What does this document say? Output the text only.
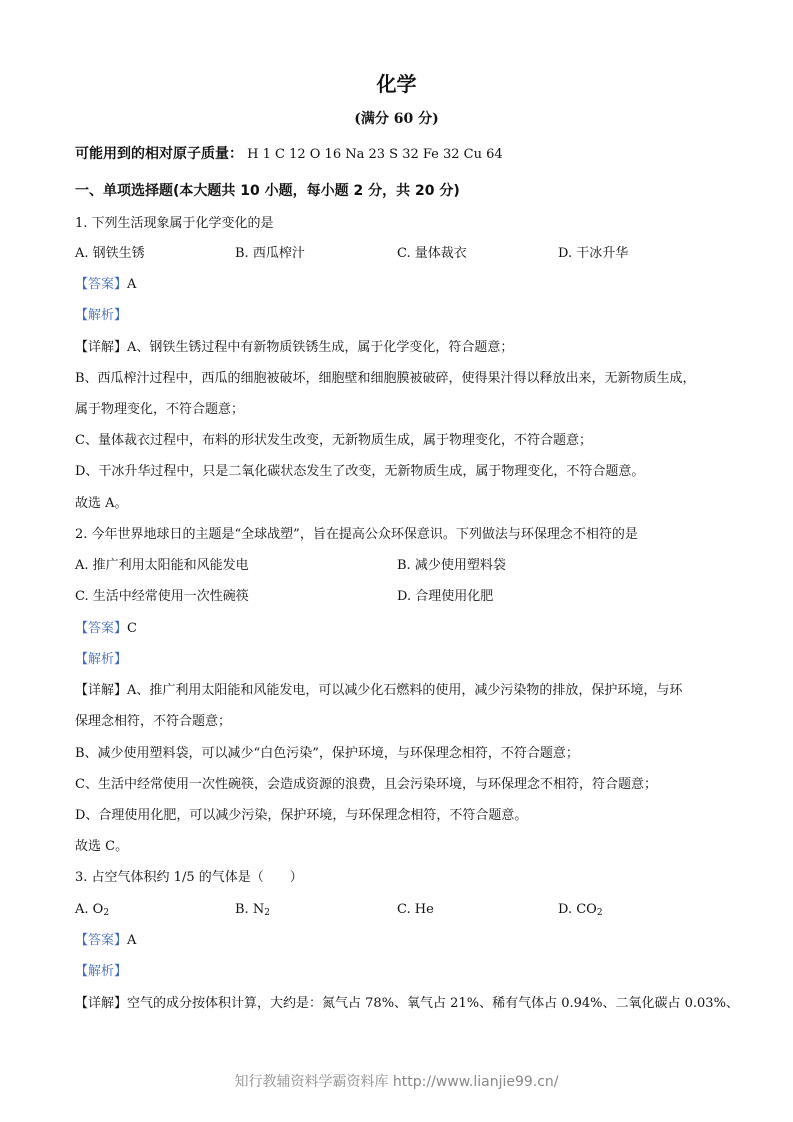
化学
(满分 60 分)
可能用到的相对原子质量： H 1 C 12 O 16 Na 23 S 32 Fe 32 Cu 64
一、单项选择题(本大题共 10 小题，每小题 2 分，共 20 分)
1. 下列生活现象属于化学变化的是
A. 钢铁生锈	B. 西瓜榨汁	C. 量体裁衣	D. 干冰升华
【答案】A
【解析】
【详解】A、钢铁生锈过程中有新物质铁锈生成，属于化学变化，符合题意；
B、西瓜榨汁过程中，西瓜的细胞被破坏，细胞壁和细胞膜被破碎，使得果汁得以释放出来，无新物质生成，
属于物理变化，不符合题意；
C、量体裁衣过程中，布料的形状发生改变，无新物质生成，属于物理变化，不符合题意；
D、干冰升华过程中，只是二氧化碳状态发生了改变，无新物质生成，属于物理变化，不符合题意。
故选 A。
2. 今年世界地球日的主题是“全球战塑”，旨在提高公众环保意识。下列做法与环保理念不相符的是
A. 推广利用太阳能和风能发电	B. 减少使用塑料袋
C. 生活中经常使用一次性碗筷	D. 合理使用化肥
【答案】C
【解析】
【详解】A、推广利用太阳能和风能发电，可以减少化石燃料的使用，减少污染物的排放，保护环境，与环
保理念相符，不符合题意；
B、减少使用塑料袋，可以减少“白色污染”，保护环境，与环保理念相符，不符合题意；
C、生活中经常使用一次性碗筷，会造成资源的浪费，且会污染环境，与环保理念不相符，符合题意；
D、合理使用化肥，可以减少污染，保护环境，与环保理念相符，不符合题意。
故选 C。
3. 占空气体积约 1/5 的气体是（　　）
A. $O_2$	B. $N_2$	C. He	D. $CO_2$
【答案】A
【解析】
【详解】空气的成分按体积计算，大约是：氮气占 78%、氧气占 21%、稀有气体占 0.94%、二氧化碳占 0.03%、
知行教辅资料学霸资料库 http://www.lianjie99.cn/
